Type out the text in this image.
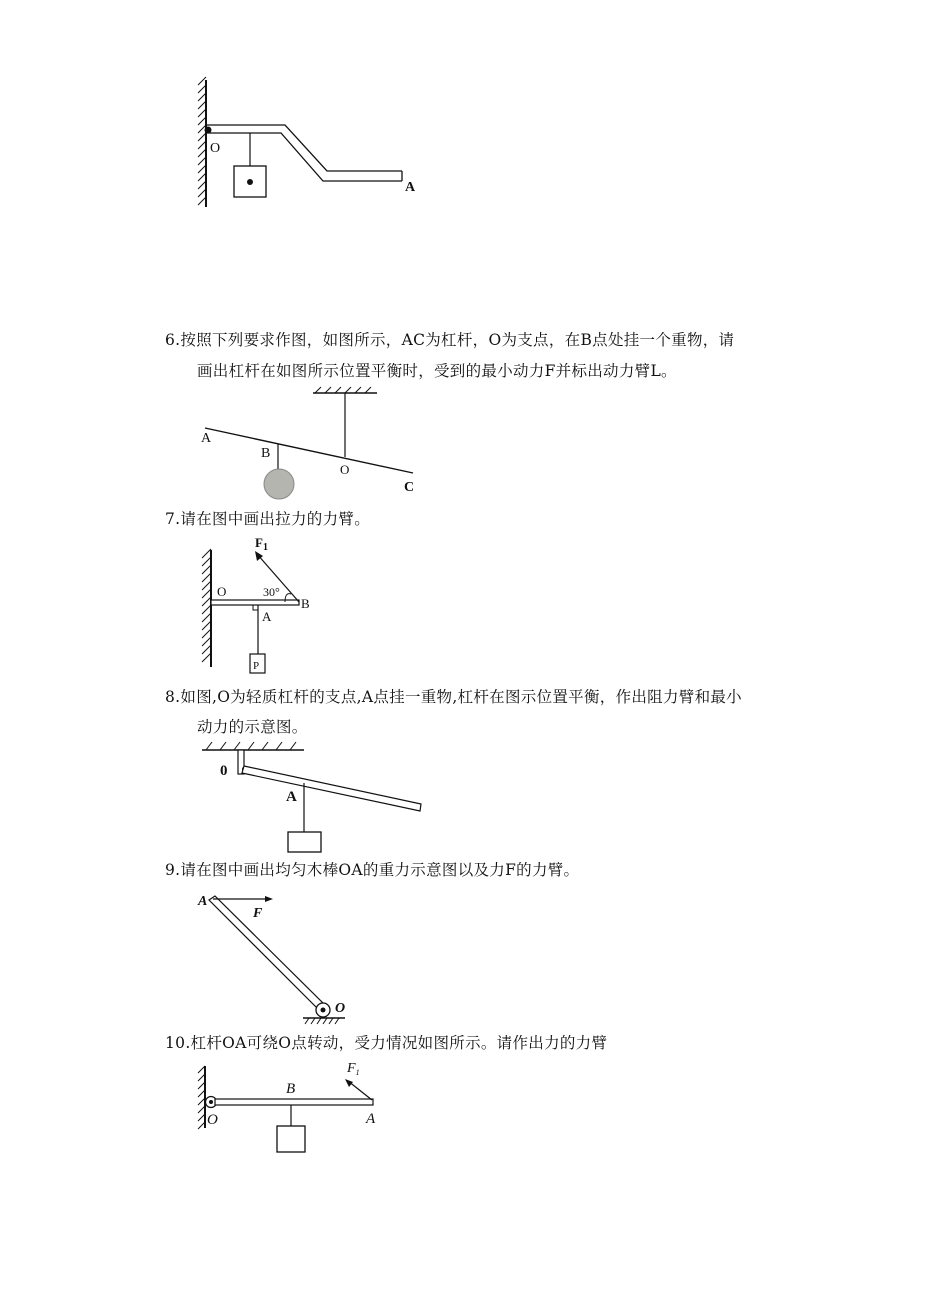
O
A
6.按照下列要求作图，如图所示，AC为杠杆，O为支点，在B点处挂一个重物，请
画出杠杆在如图所示位置平衡时，受到的最小动力F并标出动力臂L。
A
B
O
C
7.请在图中画出拉力的力臂。
$F_1$
O	30°
B
A
P
8.如图,O为轻质杠杆的支点,A点挂一重物,杠杆在图示位置平衡，作出阻力臂和最小
动力的示意图。
0
A
9.请在图中画出均匀木棒OA的重力示意图以及力F的力臂。
A
F
O
10.杠杆OA可绕O点转动，受力情况如图所示。请作出力的力臂
$F_1$
B
O	A
